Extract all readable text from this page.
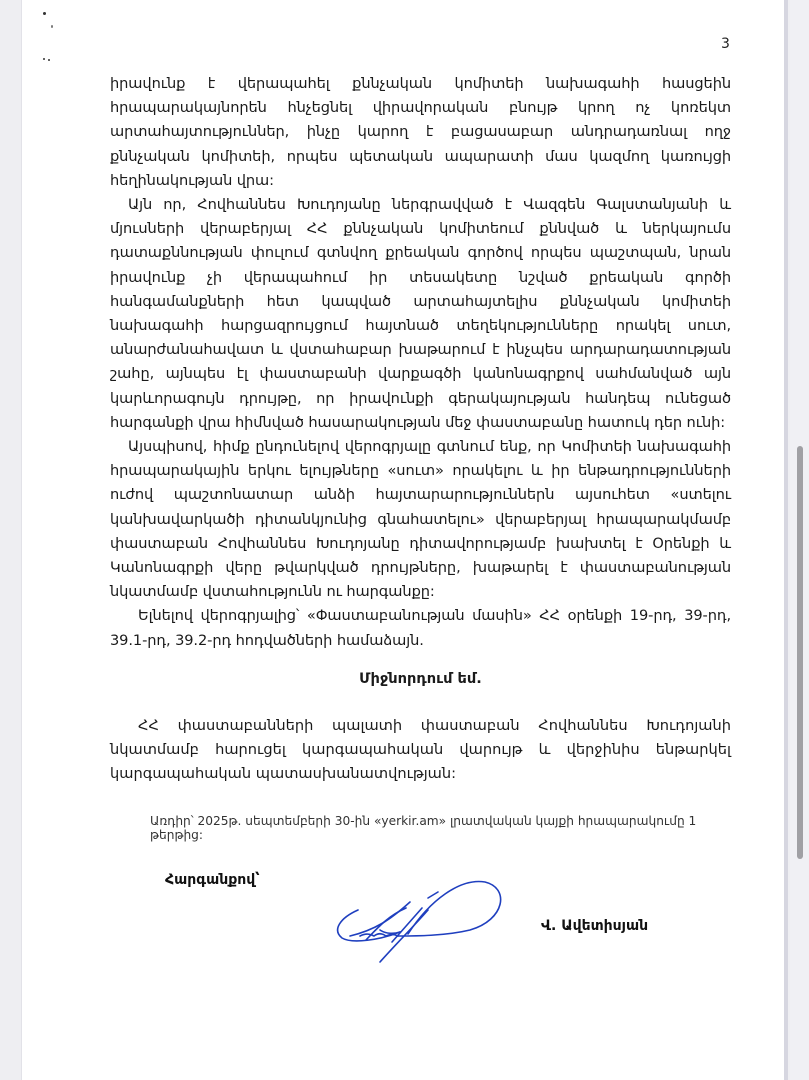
3

իրավունք է վերապահել քննչական կոմիտեի նախագահի հասցեին հրապարակայնորեն հնչեցնել վիրավորական բնույթ կրող ոչ կոռեկտ արտահայտություններ, ինչը կարող է բացասաբար անդրադառնալ ողջ քննչական կոմիտեի, որպես պետական ապարատի մաս կազմող կառույցի հեղինակության վրա:

Այն որ, Հովհաննես Խուդոյանը ներգրավված է Վազգեն Գալստանյանի և մյուսների վերաբերյալ ՀՀ քննչական կոմիտեում քննված և ներկայումս դատաքննության փուլում գտնվող քրեական գործով որպես պաշտպան, նրան իրավունք չի վերապահում իր տեսակետը նշված քրեական գործի հանգամանքների հետ կապված արտահայտելիս քննչական կոմիտեի նախագահի հարցազրույցում հայտնած տեղեկությունները որակել սուտ, անարժանահավատ և վստահաբար խաթարում է ինչպես արդարադատության շահը, այնպես էլ փաստաբանի վարքագծի կանոնագրքով սահմանված այն կարևորագույն դրույթը, որ իրավունքի գերակայության հանդեպ ունեցած հարգանքի վրա հիմնված հասարակության մեջ փաստաբանը հատուկ դեր ունի:

Այսպիսով, հիմք ընդունելով վերոգրյալը գտնում ենք, որ Կոմիտեի նախագահի հրապարակային երկու ելույթները «սուտ» որակելու և իր ենթադրությունների ուժով պաշտոնատար անձի հայտարարություններն այսուհետ «ստելու կանխավարկածի դիտանկյունից գնահատելու» վերաբերյալ հրապարակմամբ փաստաբան Հովհաննես Խուդոյանը դիտավորությամբ խախտել է Օրենքի և Կանոնագրքի վերը թվարկված դրույթները, խաթարել է փաստաբանության նկատմամբ վստահությունն ու հարգանքը:

Ելնելով վերոգրյալից՝ «Փաստաբանության մասին» ՀՀ օրենքի 19-րդ, 39-րդ, 39.1-րդ, 39.2-րդ հոդվածների համաձայն.

Միջնորդում եմ.

ՀՀ փաստաբանների պալատի փաստաբան Հովհաննես Խուդոյանի նկատմամբ հարուցել կարգապահական վարույթ և վերջինիս ենթարկել կարգապահական պատասխանատվության:

Առդիր՝ 2025թ. սեպտեմբերի 30-ին «yerkir.am» լրատվական կայքի հրապարակումը 1 թերթից:
Հարգանքով՝
Վ. Ավետիսյան
